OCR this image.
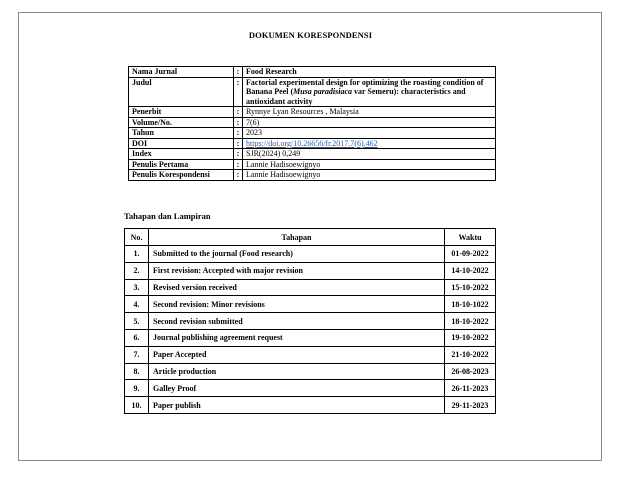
DOKUMEN KORESPONDENSI
Nama Jurnal	:	Food Research
Judul	:	Factorial experimental design for optimizing the roasting condition of Banana Peel (Musa paradisiaca var Semeru): characteristics and antioxidant activity
Penerbit	:	Rynnye Lyan Resources , Malaysia
Volume/No.	:	7(6)
Tahun	:	2023
DOI	:	https://doi.org/10.26656/fr.2017.7(6).462
Index	:	SJR(2024) 0,249
Penulis Pertama	:	Lannie Hadisoewignyo
Penulis Korespondensi	:	Lannie Hadisoewignyo
Tahapan dan Lampiran
No.	Tahapan	Waktu
1.	Submitted to the journal (Food research)	01-09-2022
2.	First revision: Accepted with major revision	14-10-2022
3.	Revised version received	15-10-2022
4.	Second revision: Minor revisions	18-10-1022
5.	Second revision submitted	18-10-2022
6.	Journal publishing agreement request	19-10-2022
7.	Paper Accepted	21-10-2022
8.	Article production	26-08-2023
9.	Galley Proof	26-11-2023
10.	Paper publish	29-11-2023
